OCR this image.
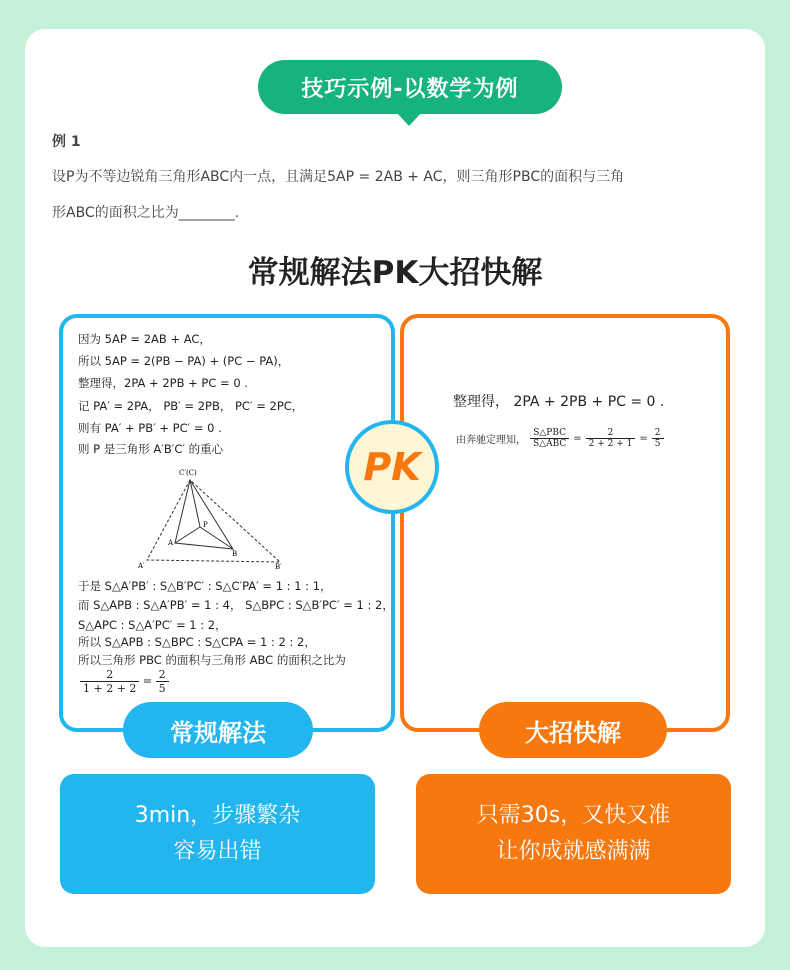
技巧示例-以数学为例
例 1
设P为不等边锐角三角形ABC内一点，且满足5AP = 2AB + AC，则三角形PBC的面积与三角
形ABC的面积之比为________.
常规解法PK大招快解
因为 5AP = 2AB + AC，
所以 5AP = 2(PB − PA) + (PC − PA)，
整理得，2PA + 2PB + PC = 0 .
记 PA′ = 2PA， PB′ = 2PB， PC′ = 2PC，
则有 PA′ + PB′ + PC′ = 0 .
则 P 是三角形 A′B′C′ 的重心
C′(C)
A
B
P
A′	B′
于是 S△A′PB′ : S△B′PC′ : S△C′PA′ = 1 : 1 : 1，
而 S△APB : S△A′PB′ = 1 : 4， S△BPC : S△B′PC′ = 1 : 2，
S△APC : S△A′PC′ = 1 : 2，
所以 S△APB : S△BPC : S△CPA = 1 : 2 : 2，
所以三角形 PBC 的面积与三角形 ABC 的面积之比为
$\frac{2}{1 + 2 + 2} = \frac{2}{5}$
整理得， 2PA + 2PB + PC = 0 .
由奔驰定理知， $\frac{\text{S△PBC}}{\text{S△ABC}} = \frac{2}{2 + 2 + 1} = \frac{2}{5}$
PK
常规解法	大招快解
3min，步骤繁杂
容易出错
只需30s，又快又准
让你成就感满满
